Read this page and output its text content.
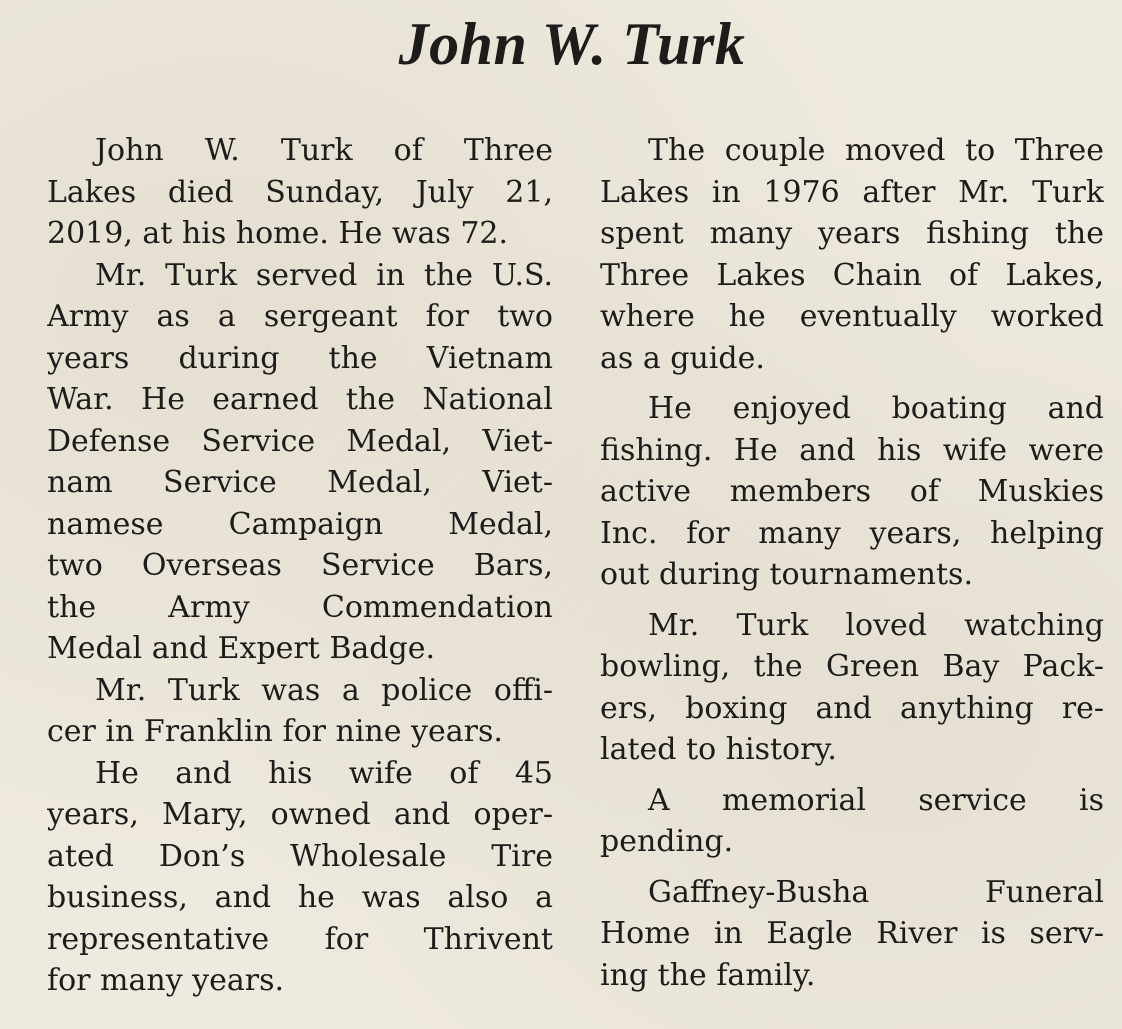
John W. Turk
John W. Turk of Three
Lakes died Sunday, July 21,
2019, at his home. He was 72.
Mr. Turk served in the U.S.
Army as a sergeant for two
years during the Vietnam
War. He earned the National
Defense Service Medal, Viet-
nam Service Medal, Viet-
namese Campaign Medal,
two Overseas Service Bars,
the Army Commendation
Medal and Expert Badge.
Mr. Turk was a police offi-
cer in Franklin for nine years.
He and his wife of 45
years, Mary, owned and oper-
ated Don’s Wholesale Tire
business, and he was also a
representative for Thrivent
for many years.
The couple moved to Three
Lakes in 1976 after Mr. Turk
spent many years fishing the
Three Lakes Chain of Lakes,
where he eventually worked
as a guide.
He enjoyed boating and
fishing. He and his wife were
active members of Muskies
Inc. for many years, helping
out during tournaments.
Mr. Turk loved watching
bowling, the Green Bay Pack-
ers, boxing and anything re-
lated to history.
A memorial service is
pending.
Gaffney-Busha Funeral
Home in Eagle River is serv-
ing the family.
